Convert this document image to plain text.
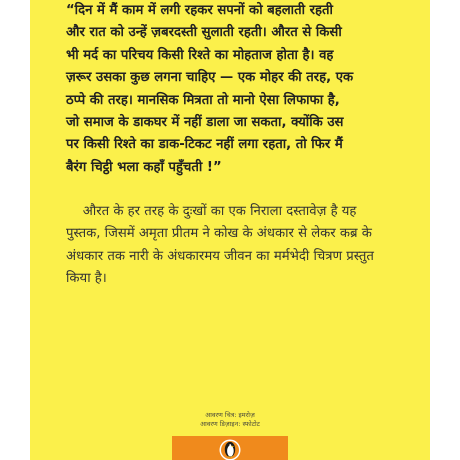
“दिन में मैं काम में लगी रहकर सपनों को बहलाती रहती
और रात को उन्हें ज़बरदस्ती सुलाती रहती। औरत से किसी
भी मर्द का परिचय किसी रिश्ते का मोहताज होता है। वह
ज़रूर उसका कुछ लगना चाहिए — एक मोहर की तरह, एक
ठप्पे की तरह। मानसिक मित्रता तो मानो ऐसा लिफाफा है,
जो समाज के डाकघर में नहीं डाला जा सकता, क्योंकि उस
पर किसी रिश्ते का डाक-टिकट नहीं लगा रहता, तो फिर मैं
बैरंग चिट्ठी भला कहाँ पहुँचती !”
औरत के हर तरह के दुःखों का एक निराला दस्तावेज़ है यह
पुस्तक, जिसमें अमृता प्रीतम ने कोख के अंधकार से लेकर कब्र के
अंधकार तक नारी के अंधकारमय जीवन का मर्मभेदी चित्रण प्रस्तुत
किया है।
आवरण चित्र: इमरोज़
आवरण डिज़ाइन: स्फोटोट
